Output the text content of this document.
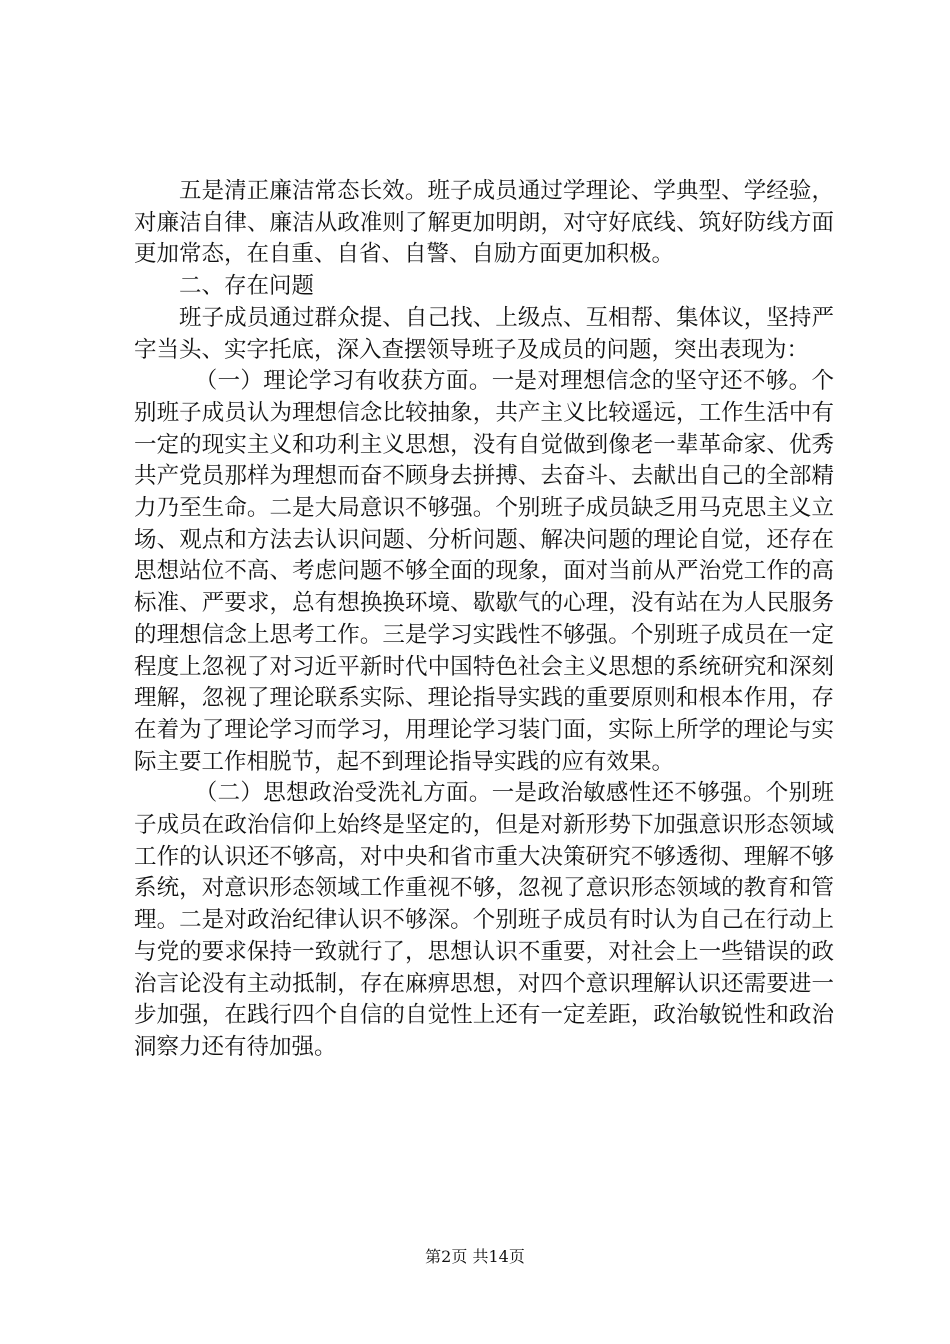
五是清正廉洁常态长效。班子成员通过学理论、学典型、学经验，对廉洁自律、廉洁从政准则了解更加明朗，对守好底线、筑好防线方面更加常态，在自重、自省、自警、自励方面更加积极。

二、存在问题

班子成员通过群众提、自己找、上级点、互相帮、集体议，坚持严字当头、实字托底，深入查摆领导班子及成员的问题，突出表现为：

（一）理论学习有收获方面。一是对理想信念的坚守还不够。个别班子成员认为理想信念比较抽象，共产主义比较遥远，工作生活中有一定的现实主义和功利主义思想，没有自觉做到像老一辈革命家、优秀共产党员那样为理想而奋不顾身去拼搏、去奋斗、去献出自己的全部精力乃至生命。二是大局意识不够强。个别班子成员缺乏用马克思主义立场、观点和方法去认识问题、分析问题、解决问题的理论自觉，还存在思想站位不高、考虑问题不够全面的现象，面对当前从严治党工作的高标准、严要求，总有想换换环境、歇歇气的心理，没有站在为人民服务的理想信念上思考工作。三是学习实践性不够强。个别班子成员在一定程度上忽视了对习近平新时代中国特色社会主义思想的系统研究和深刻理解，忽视了理论联系实际、理论指导实践的重要原则和根本作用，存在着为了理论学习而学习，用理论学习装门面，实际上所学的理论与实际主要工作相脱节，起不到理论指导实践的应有效果。

（二）思想政治受洗礼方面。一是政治敏感性还不够强。个别班子成员在政治信仰上始终是坚定的，但是对新形势下加强意识形态领域工作的认识还不够高，对中央和省市重大决策研究不够透彻、理解不够系统，对意识形态领域工作重视不够，忽视了意识形态领域的教育和管理。二是对政治纪律认识不够深。个别班子成员有时认为自己在行动上与党的要求保持一致就行了，思想认识不重要，对社会上一些错误的政治言论没有主动抵制，存在麻痹思想，对四个意识理解认识还需要进一步加强，在践行四个自信的自觉性上还有一定差距，政治敏锐性和政治洞察力还有待加强。

第2页 共14页
